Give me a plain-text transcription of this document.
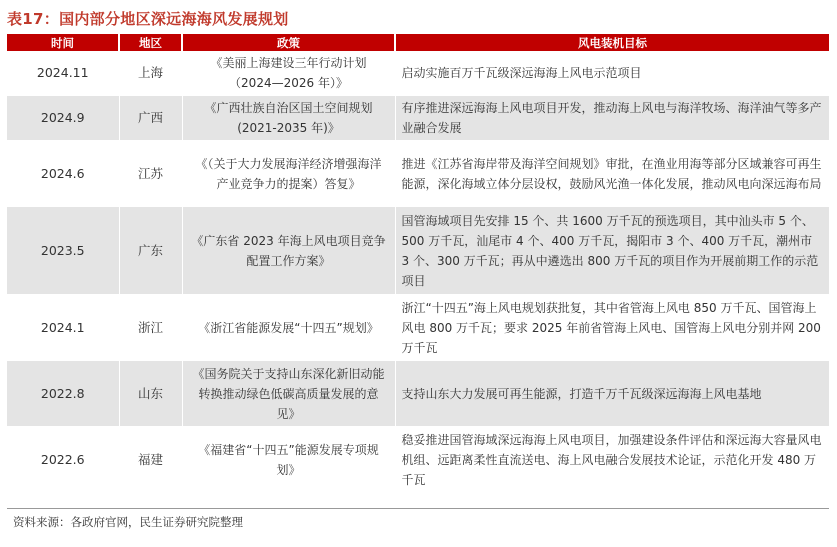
表17：国内部分地区深远海海风发展规划
时间	地区	政策	风电装机目标
2024.11	上海	《美丽上海建设三年行动计划（2024—2026 年）》	启动实施百万千瓦级深远海海上风电示范项目
2024.9	广西	《广西壮族自治区国土空间规划(2021-2035 年)》	有序推进深远海海上风电项目开发，推动海上风电与海洋牧场、海洋油气等多产业融合发展
2024.6	江苏	《（关于大力发展海洋经济增强海洋产业竞争力的提案）答复》	推进《江苏省海岸带及海洋空间规划》审批，在渔业用海等部分区域兼容可再生能源，深化海域立体分层设权，鼓励风光渔一体化发展，推动风电向深远海布局
2023.5	广东	《广东省 2023 年海上风电项目竞争配置工作方案》	国管海域项目先安排 15 个、共 1600 万千瓦的预选项目，其中汕头市 5 个、500 万千瓦，汕尾市 4 个、400 万千瓦，揭阳市 3 个、400 万千瓦，潮州市 3 个、300 万千瓦；再从中遴选出 800 万千瓦的项目作为开展前期工作的示范项目
2024.1	浙江	《浙江省能源发展“十四五”规划》	浙江“十四五”海上风电规划获批复，其中省管海上风电 850 万千瓦、国管海上风电 800 万千瓦；要求 2025 年前省管海上风电、国管海上风电分别并网 200 万千瓦
2022.8	山东	《国务院关于支持山东深化新旧动能转换推动绿色低碳高质量发展的意见》	支持山东大力发展可再生能源，打造千万千瓦级深远海海上风电基地
2022.6	福建	《福建省“十四五”能源发展专项规划》	稳妥推进国管海域深远海海上风电项目，加强建设条件评估和深远海大容量风电机组、远距离柔性直流送电、海上风电融合发展技术论证，示范化开发 480 万千瓦
资料来源：各政府官网，民生证券研究院整理
